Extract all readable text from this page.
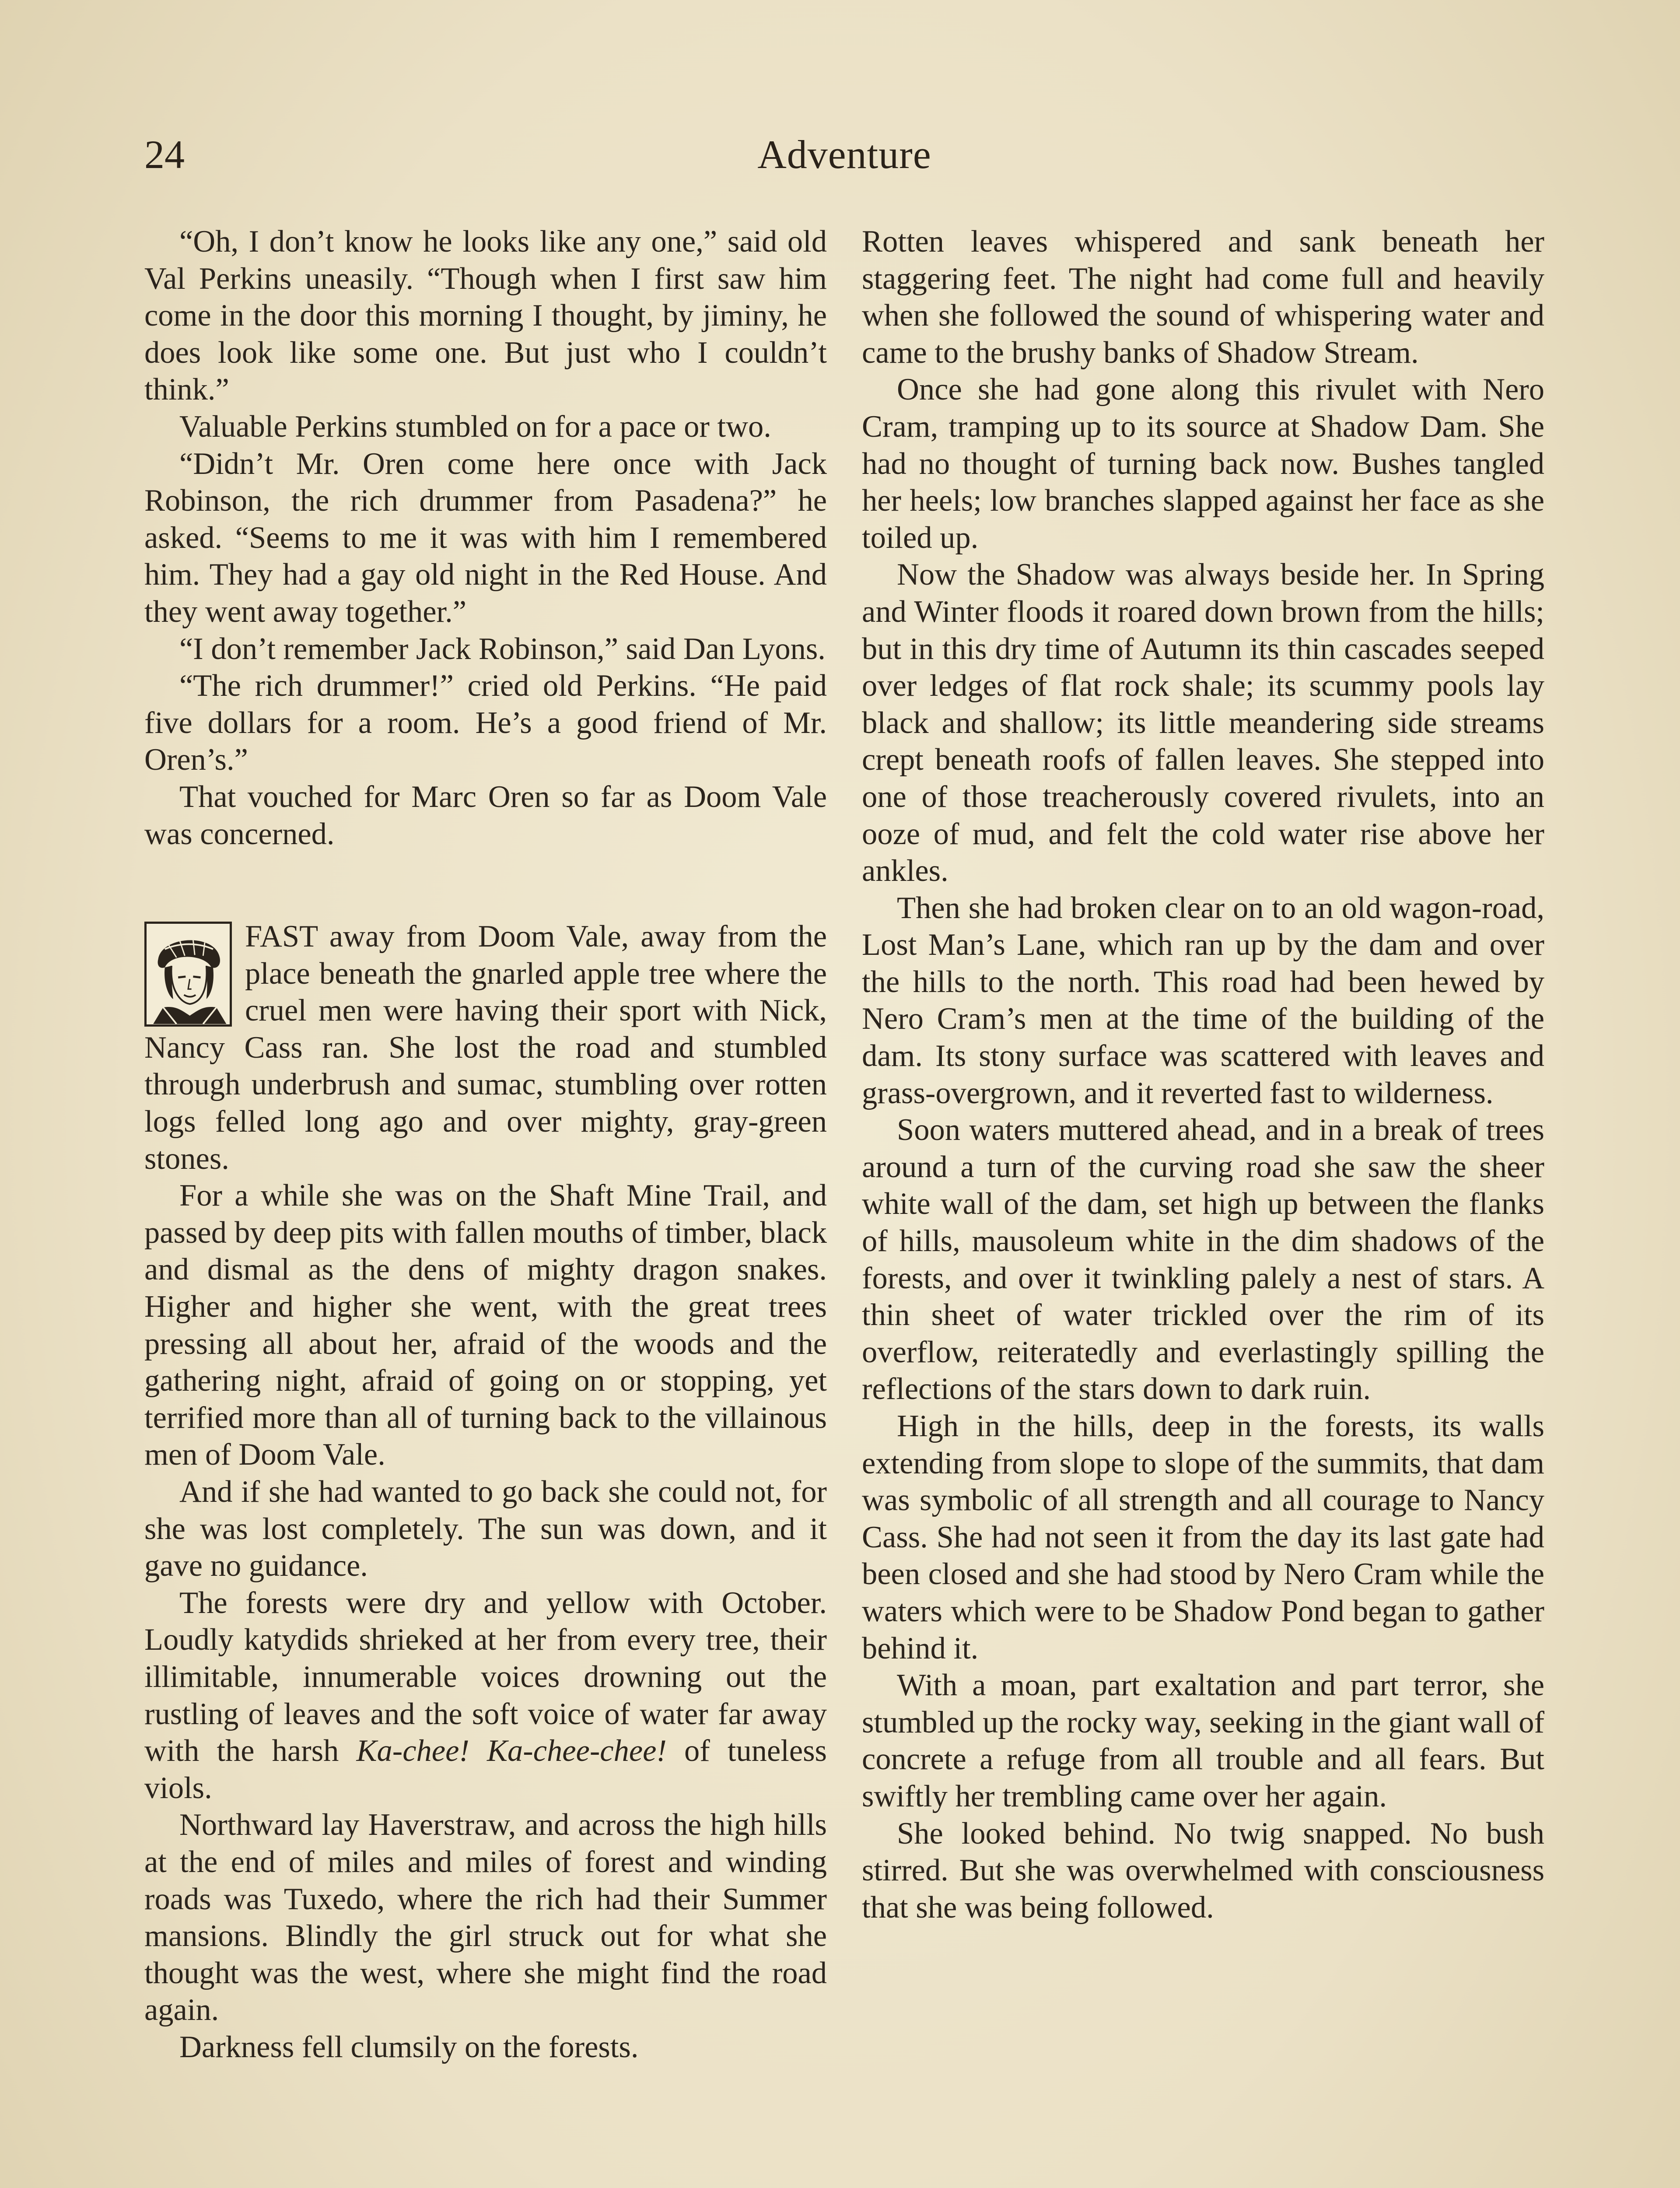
24	Adventure

“Oh, I don’t know he looks like any one,” said old Val Perkins uneasily. “Though when I first saw him come in the door this morning I thought, by jiminy, he does look like some one. But just who I couldn’t think.”

Valuable Perkins stumbled on for a pace or two.

“Didn’t Mr. Oren come here once with Jack Robinson, the rich drummer from Pasadena?” he asked. “Seems to me it was with him I remembered him. They had a gay old night in the Red House. And they went away together.”

“I don’t remember Jack Robinson,” said Dan Lyons.

“The rich drummer!” cried old Perkins. “He paid five dollars for a room. He’s a good friend of Mr. Oren’s.”

That vouched for Marc Oren so far as Doom Vale was concerned.

FAST away from Doom Vale, away from the place beneath the gnarled apple tree where the cruel men were having their sport with Nick, Nancy Cass ran. She lost the road and stumbled through underbrush and sumac, stumbling over rotten logs felled long ago and over mighty, gray-green stones.

For a while she was on the Shaft Mine Trail, and passed by deep pits with fallen mouths of timber, black and dismal as the dens of mighty dragon snakes. Higher and higher she went, with the great trees pressing all about her, afraid of the woods and the gathering night, afraid of going on or stopping, yet terrified more than all of turning back to the villainous men of Doom Vale.

And if she had wanted to go back she could not, for she was lost completely. The sun was down, and it gave no guidance.

The forests were dry and yellow with October. Loudly katydids shrieked at her from every tree, their illimitable, innumerable voices drowning out the rustling of leaves and the soft voice of water far away with the harsh Ka-chee! Ka-chee-chee! of tuneless viols.

Northward lay Haverstraw, and across the high hills at the end of miles and miles of forest and winding roads was Tuxedo, where the rich had their Summer mansions. Blindly the girl struck out for what she thought was the west, where she might find the road again.

Darkness fell clumsily on the forests.

Rotten leaves whispered and sank beneath her staggering feet. The night had come full and heavily when she followed the sound of whispering water and came to the brushy banks of Shadow Stream.

Once she had gone along this rivulet with Nero Cram, tramping up to its source at Shadow Dam. She had no thought of turning back now. Bushes tangled her heels; low branches slapped against her face as she toiled up.

Now the Shadow was always beside her. In Spring and Winter floods it roared down brown from the hills; but in this dry time of Autumn its thin cascades seeped over ledges of flat rock shale; its scummy pools lay black and shallow; its little meandering side streams crept beneath roofs of fallen leaves. She stepped into one of those treacherously covered rivulets, into an ooze of mud, and felt the cold water rise above her ankles.

Then she had broken clear on to an old wagon-road, Lost Man’s Lane, which ran up by the dam and over the hills to the north. This road had been hewed by Nero Cram’s men at the time of the building of the dam. Its stony surface was scattered with leaves and grass-overgrown, and it reverted fast to wilderness.

Soon waters muttered ahead, and in a break of trees around a turn of the curving road she saw the sheer white wall of the dam, set high up between the flanks of hills, mausoleum white in the dim shadows of the forests, and over it twinkling palely a nest of stars. A thin sheet of water trickled over the rim of its overflow, reiteratedly and everlastingly spilling the reflections of the stars down to dark ruin.

High in the hills, deep in the forests, its walls extending from slope to slope of the summits, that dam was symbolic of all strength and all courage to Nancy Cass. She had not seen it from the day its last gate had been closed and she had stood by Nero Cram while the waters which were to be Shadow Pond began to gather behind it.

With a moan, part exaltation and part terror, she stumbled up the rocky way, seeking in the giant wall of concrete a refuge from all trouble and all fears. But swiftly her trembling came over her again.

She looked behind. No twig snapped. No bush stirred. But she was overwhelmed with consciousness that she was being followed.
